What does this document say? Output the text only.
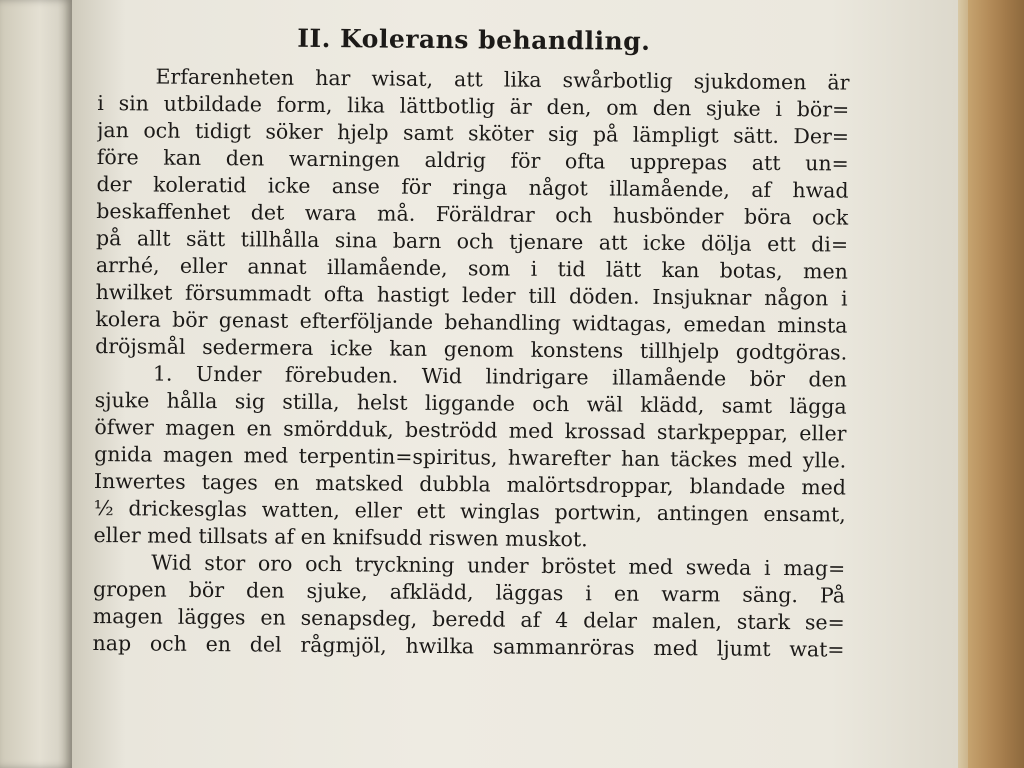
II. Kolerans behandling.
Erfarenheten har wisat, att lika swårbotlig sjukdomen är
i sin utbildade form, lika lättbotlig är den, om den sjuke i bör=
jan och tidigt söker hjelp samt sköter sig på lämpligt sätt. Der=
före kan den warningen aldrig för ofta upprepas att un=
der koleratid icke anse för ringa något illamående, af hwad
beskaffenhet det wara må. Föräldrar och husbönder böra ock
på allt sätt tillhålla sina barn och tjenare att icke dölja ett di=
arrhé, eller annat illamående, som i tid lätt kan botas, men
hwilket försummadt ofta hastigt leder till döden. Insjuknar någon i
kolera bör genast efterföljande behandling widtagas, emedan minsta
dröjsmål sedermera icke kan genom konstens tillhjelp godtgöras.
1. Under förebuden. Wid lindrigare illamående bör den
sjuke hålla sig stilla, helst liggande och wäl klädd, samt lägga
öfwer magen en smördduk, beströdd med krossad starkpeppar, eller
gnida magen med terpentin=spiritus, hwarefter han täckes med ylle.
Inwertes tages en matsked dubbla malörtsdroppar, blandade med
½ drickesglas watten, eller ett winglas portwin, antingen ensamt,
eller med tillsats af en knifsudd riswen muskot.
Wid stor oro och tryckning under bröstet med sweda i mag=
gropen bör den sjuke, afklädd, läggas i en warm säng. På
magen lägges en senapsdeg, beredd af 4 delar malen, stark se=
nap och en del rågmjöl, hwilka sammanröras med ljumt wat=
